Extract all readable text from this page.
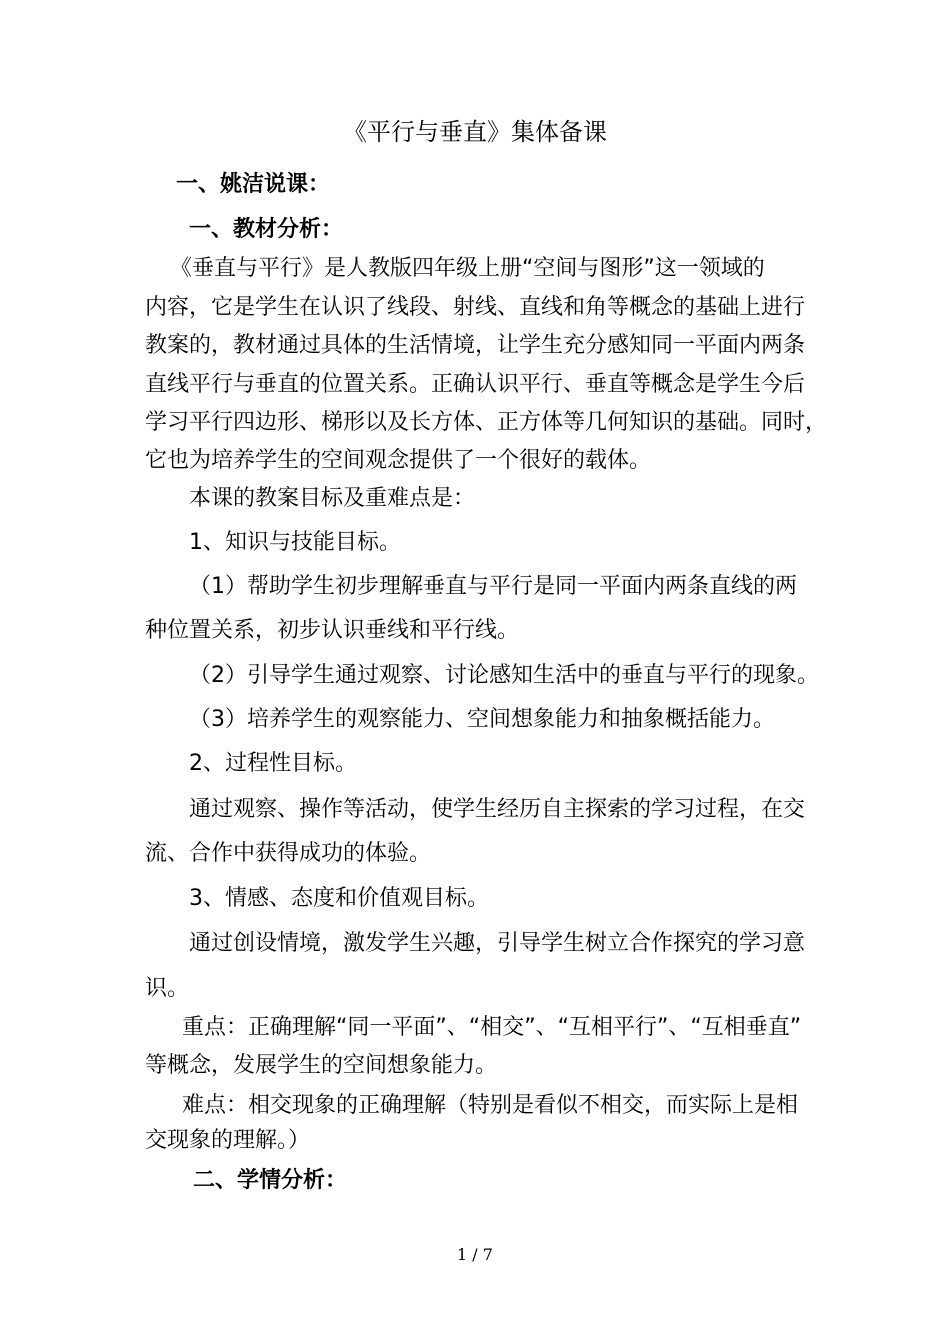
《平行与垂直》集体备课
一、姚洁说课：
一、教材分析：
《垂直与平行》是人教版四年级上册“空间与图形”这一领域的
内容，它是学生在认识了线段、射线、直线和角等概念的基础上进行
教案的，教材通过具体的生活情境，让学生充分感知同一平面内两条
直线平行与垂直的位置关系。正确认识平行、垂直等概念是学生今后
学习平行四边形、梯形以及长方体、正方体等几何知识的基础。同时，
它也为培养学生的空间观念提供了一个很好的载体。
本课的教案目标及重难点是：
1、知识与技能目标。
（1）帮助学生初步理解垂直与平行是同一平面内两条直线的两
种位置关系，初步认识垂线和平行线。
（2）引导学生通过观察、讨论感知生活中的垂直与平行的现象。
（3）培养学生的观察能力、空间想象能力和抽象概括能力。
2、过程性目标。
通过观察、操作等活动，使学生经历自主探索的学习过程，在交
流、合作中获得成功的体验。
3、情感、态度和价值观目标。
通过创设情境，激发学生兴趣，引导学生树立合作探究的学习意
识。
重点：正确理解“同一平面”、“相交”、“互相平行”、“互相垂直”
等概念，发展学生的空间想象能力。
难点：相交现象的正确理解（特别是看似不相交，而实际上是相
交现象的理解。）
二、学情分析：
1 / 7
